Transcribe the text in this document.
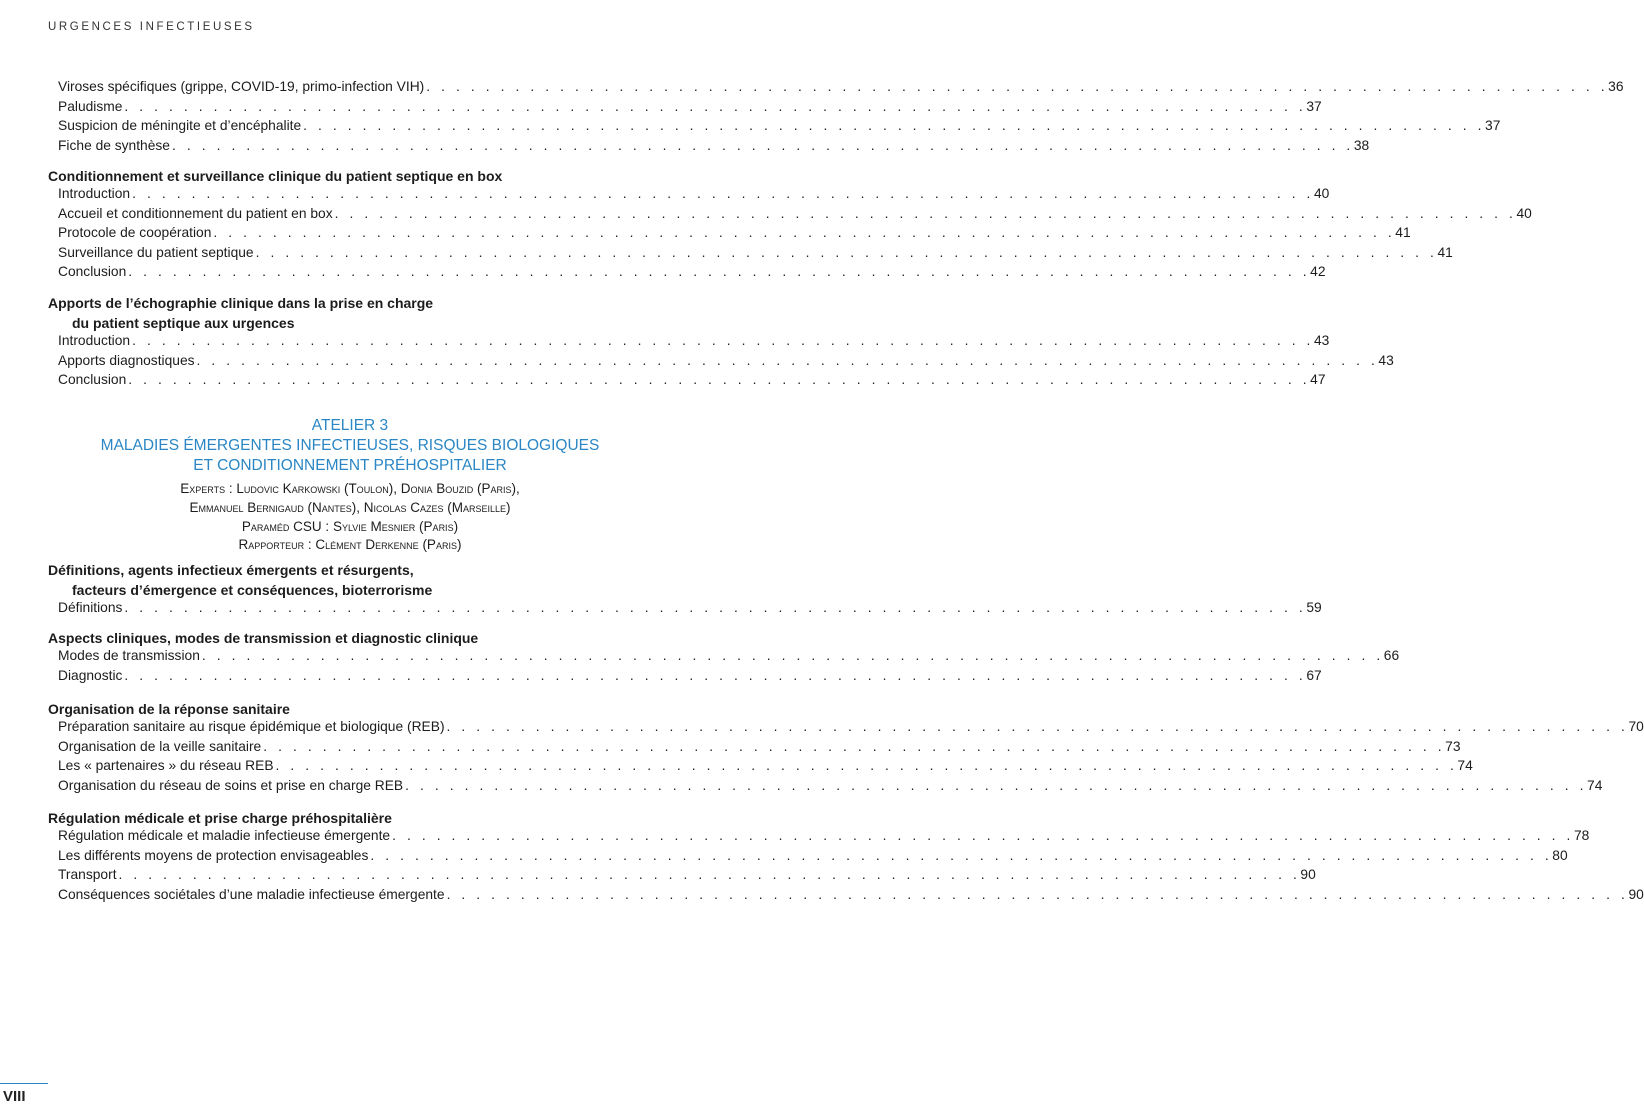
URGENCES INFECTIEUSES
Viroses spécifiques (grippe, COVID-19, primo-infection VIH) . . . . . . . . . . . . . . . . . . . . . . . . . . . . . . . . . . . . . . . . . . . . . . . . . . . . . . . . . . . . . . . . . . . . . . . . . . . . . . . . 36
Paludisme . . . . . . . . . . . . . . . . . . . . . . . . . . . . . . . . . . . . . . . . . . . . . . . . . . . . . . . . . . . . . . . . . . . . . . . . . . . . . . . . 37
Suspicion de méningite et d’encéphalite . . . . . . . . . . . . . . . . . . . . . . . . . . . . . . . . . . . . . . . . . . . . . . . . . . . . . . . . . . . . . . . . . . . . . . . . . . . . . . . . 37
Fiche de synthèse . . . . . . . . . . . . . . . . . . . . . . . . . . . . . . . . . . . . . . . . . . . . . . . . . . . . . . . . . . . . . . . . . . . . . . . . . . . . . . . . 38
Conditionnement et surveillance clinique du patient septique en box
Introduction . . . . . . . . . . . . . . . . . . . . . . . . . . . . . . . . . . . . . . . . . . . . . . . . . . . . . . . . . . . . . . . . . . . . . . . . . . . . . . . . 40
Accueil et conditionnement du patient en box . . . . . . . . . . . . . . . . . . . . . . . . . . . . . . . . . . . . . . . . . . . . . . . . . . . . . . . . . . . . . . . . . . . . . . . . . . . . . . . . 40
Protocole de coopération . . . . . . . . . . . . . . . . . . . . . . . . . . . . . . . . . . . . . . . . . . . . . . . . . . . . . . . . . . . . . . . . . . . . . . . . . . . . . . . . 41
Surveillance du patient septique . . . . . . . . . . . . . . . . . . . . . . . . . . . . . . . . . . . . . . . . . . . . . . . . . . . . . . . . . . . . . . . . . . . . . . . . . . . . . . . . 41
Conclusion . . . . . . . . . . . . . . . . . . . . . . . . . . . . . . . . . . . . . . . . . . . . . . . . . . . . . . . . . . . . . . . . . . . . . . . . . . . . . . . . 42
Apports de l’échographie clinique dans la prise en charge
du patient septique aux urgences
Introduction . . . . . . . . . . . . . . . . . . . . . . . . . . . . . . . . . . . . . . . . . . . . . . . . . . . . . . . . . . . . . . . . . . . . . . . . . . . . . . . . 43
Apports diagnostiques . . . . . . . . . . . . . . . . . . . . . . . . . . . . . . . . . . . . . . . . . . . . . . . . . . . . . . . . . . . . . . . . . . . . . . . . . . . . . . . . 43
Conclusion . . . . . . . . . . . . . . . . . . . . . . . . . . . . . . . . . . . . . . . . . . . . . . . . . . . . . . . . . . . . . . . . . . . . . . . . . . . . . . . . 47
ATELIER 3
MALADIES ÉMERGENTES INFECTIEUSES, RISQUES BIOLOGIQUES
ET CONDITIONNEMENT PRÉHOSPITALIER
Experts : Ludovic Karkowski (Toulon), Donia Bouzid (Paris),
Emmanuel Bernigaud (Nantes), Nicolas Cazes (Marseille)
Paraméd CSU : Sylvie Mesnier (Paris)
Rapporteur : Clément Derkenne (Paris)
Définitions, agents infectieux émergents et résurgents,
facteurs d’émergence et conséquences, bioterrorisme
Définitions . . . . . . . . . . . . . . . . . . . . . . . . . . . . . . . . . . . . . . . . . . . . . . . . . . . . . . . . . . . . . . . . . . . . . . . . . . . . . . . . 59
Aspects cliniques, modes de transmission et diagnostic clinique
Modes de transmission . . . . . . . . . . . . . . . . . . . . . . . . . . . . . . . . . . . . . . . . . . . . . . . . . . . . . . . . . . . . . . . . . . . . . . . . . . . . . . . . 66
Diagnostic . . . . . . . . . . . . . . . . . . . . . . . . . . . . . . . . . . . . . . . . . . . . . . . . . . . . . . . . . . . . . . . . . . . . . . . . . . . . . . . . 67
Organisation de la réponse sanitaire
Préparation sanitaire au risque épidémique et biologique (REB) . . . . . . . . . . . . . . . . . . . . . . . . . . . . . . . . . . . . . . . . . . . . . . . . . . . . . . . . . . . . . . . . . . . . . . . . . . . . . . . . 70
Organisation de la veille sanitaire . . . . . . . . . . . . . . . . . . . . . . . . . . . . . . . . . . . . . . . . . . . . . . . . . . . . . . . . . . . . . . . . . . . . . . . . . . . . . . . . 73
Les « partenaires » du réseau REB . . . . . . . . . . . . . . . . . . . . . . . . . . . . . . . . . . . . . . . . . . . . . . . . . . . . . . . . . . . . . . . . . . . . . . . . . . . . . . . . 74
Organisation du réseau de soins et prise en charge REB . . . . . . . . . . . . . . . . . . . . . . . . . . . . . . . . . . . . . . . . . . . . . . . . . . . . . . . . . . . . . . . . . . . . . . . . . . . . . . . . 74
Régulation médicale et prise charge préhospitalière
Régulation médicale et maladie infectieuse émergente . . . . . . . . . . . . . . . . . . . . . . . . . . . . . . . . . . . . . . . . . . . . . . . . . . . . . . . . . . . . . . . . . . . . . . . . . . . . . . . . 78
Les différents moyens de protection envisageables . . . . . . . . . . . . . . . . . . . . . . . . . . . . . . . . . . . . . . . . . . . . . . . . . . . . . . . . . . . . . . . . . . . . . . . . . . . . . . . . 80
Transport . . . . . . . . . . . . . . . . . . . . . . . . . . . . . . . . . . . . . . . . . . . . . . . . . . . . . . . . . . . . . . . . . . . . . . . . . . . . . . . . 90
Conséquences sociétales d’une maladie infectieuse émergente . . . . . . . . . . . . . . . . . . . . . . . . . . . . . . . . . . . . . . . . . . . . . . . . . . . . . . . . . . . . . . . . . . . . . . . . . . . . . . . . 90
VIII
